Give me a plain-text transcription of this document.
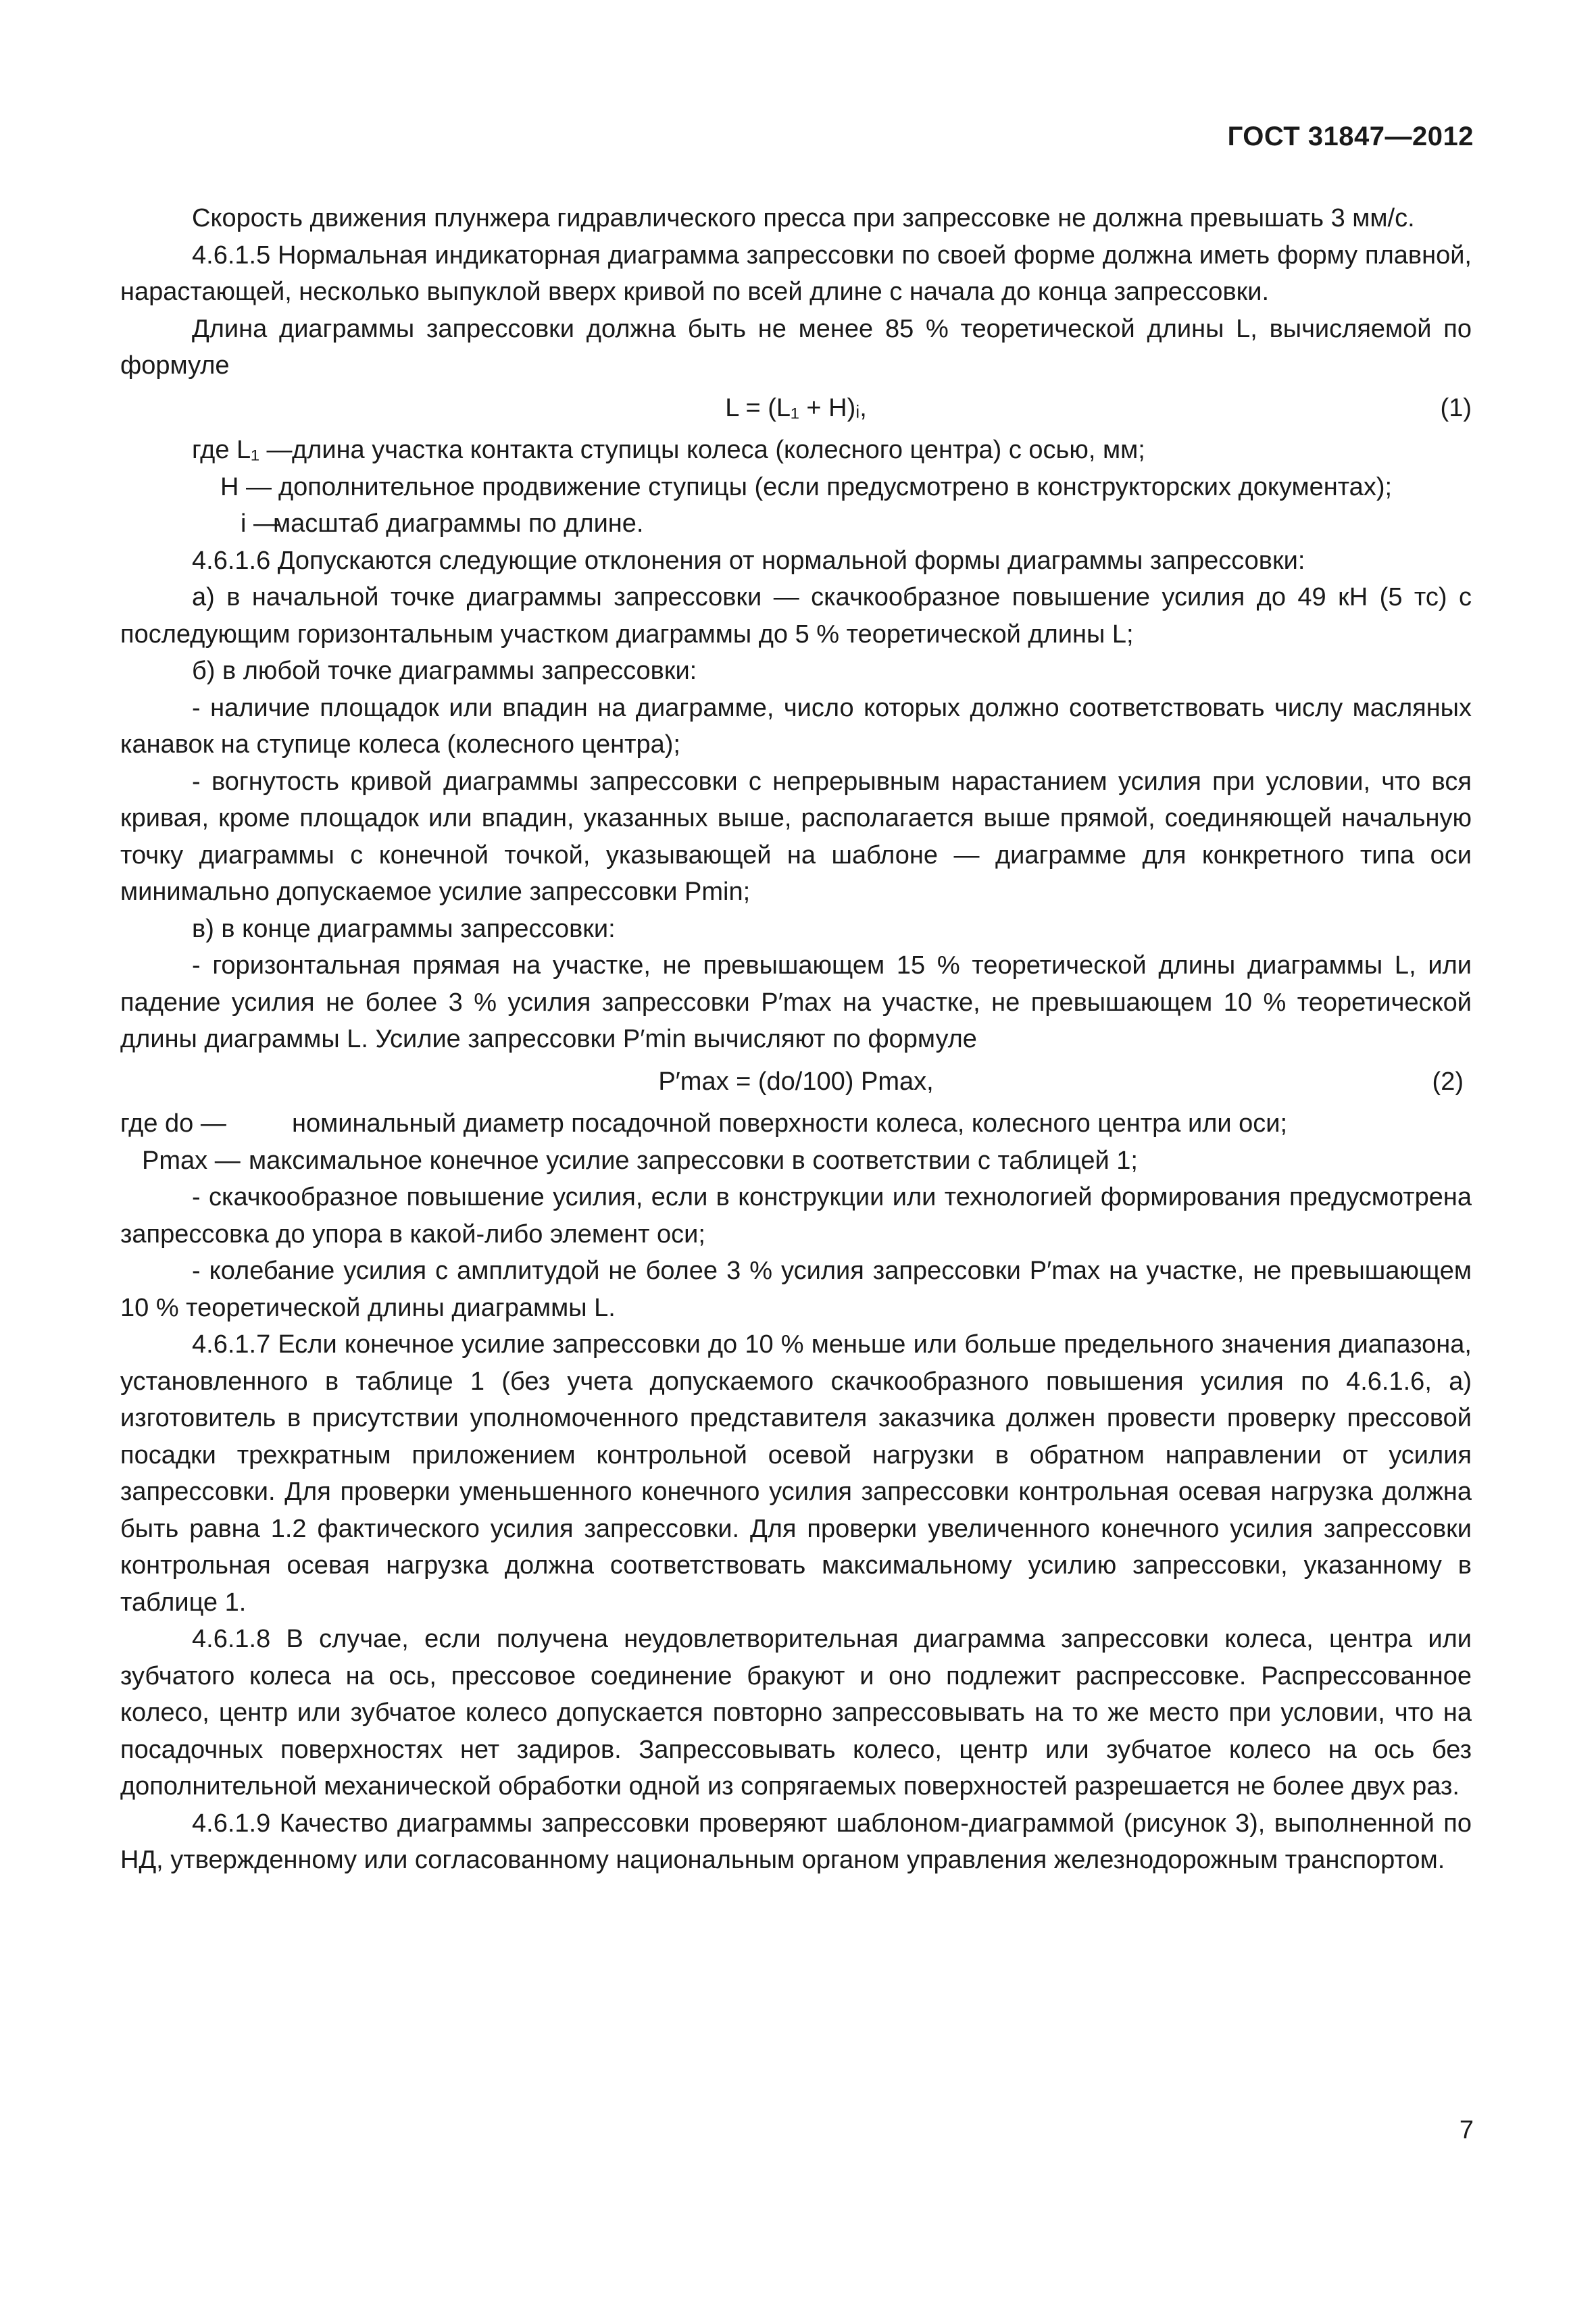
ГОСТ 31847—2012

Скорость движения плунжера гидравлического пресса при запрессовке не должна превышать 3 мм/с.

4.6.1.5 Нормальная индикаторная диаграмма запрессовки по своей форме должна иметь форму плавной, нарастающей, несколько выпуклой вверх кривой по всей длине с начала до конца запрессовки.

Длина диаграммы запрессовки должна быть не менее 85 % теоретической длины L, вычисляемой по формуле

L = (L₁ + H)ᵢ,	(1)
где L₁ — длина участка контакта ступицы колеса (колесного центра) с осью, мм;
H — дополнительное продвижение ступицы (если предусмотрено в конструкторских документах);
i —
масштаб диаграммы по длине.

4.6.1.6 Допускаются следующие отклонения от нормальной формы диаграммы запрессовки:

а) в начальной точке диаграммы запрессовки — скачкообразное повышение усилия до 49 кН (5 тс) с последующим горизонтальным участком диаграммы до 5 % теоретической длины L;

б) в любой точке диаграммы запрессовки:

- наличие площадок или впадин на диаграмме, число которых должно соответствовать числу масляных канавок на ступице колеса (колесного центра);

- вогнутость кривой диаграммы запрессовки с непрерывным нарастанием усилия при условии, что вся кривая, кроме площадок или впадин, указанных выше, располагается выше прямой, соединяющей начальную точку диаграммы с конечной точкой, указывающей на шаблоне — диаграмме для конкретного типа оси минимально допускаемое усилие запрессовки Pmin;

в) в конце диаграммы запрессовки:

- горизонтальная прямая на участке, не превышающем 15 % теоретической длины диаграммы L, или падение усилия не более 3 % усилия запрессовки P′max на участке, не превышающем 10 % теоретической длины диаграммы L. Усилие запрессовки P′min вычисляют по формуле

P′max = (do/100) Pmax,	(2)
где do —	номинальный диаметр посадочной поверхности колеса, колесного центра или оси;
Pmax — максимальное конечное усилие запрессовки в соответствии с таблицей 1;

- скачкообразное повышение усилия, если в конструкции или технологией формирования предусмотрена запрессовка до упора в какой-либо элемент оси;

- колебание усилия с амплитудой не более 3 % усилия запрессовки P′max на участке, не превышающем 10 % теоретической длины диаграммы L.

4.6.1.7 Если конечное усилие запрессовки до 10 % меньше или больше предельного значения диапазона, установленного в таблице 1 (без учета допускаемого скачкообразного повышения усилия по 4.6.1.6, а) изготовитель в присутствии уполномоченного представителя заказчика должен провести проверку прессовой посадки трехкратным приложением контрольной осевой нагрузки в обратном направлении от усилия запрессовки. Для проверки уменьшенного конечного усилия запрессовки контрольная осевая нагрузка должна быть равна 1.2 фактического усилия запрессовки. Для проверки увеличенного конечного усилия запрессовки контрольная осевая нагрузка должна соответствовать максимальному усилию запрессовки, указанному в таблице 1.

4.6.1.8 В случае, если получена неудовлетворительная диаграмма запрессовки колеса, центра или зубчатого колеса на ось, прессовое соединение бракуют и оно подлежит распрессовке. Распрессованное колесо, центр или зубчатое колесо допускается повторно запрессовывать на то же место при условии, что на посадочных поверхностях нет задиров. Запрессовывать колесо, центр или зубчатое колесо на ось без дополнительной механической обработки одной из сопрягаемых поверхностей разрешается не более двух раз.

4.6.1.9 Качество диаграммы запрессовки проверяют шаблоном-диаграммой (рисунок 3), выполненной по НД, утвержденному или согласованному национальным органом управления железнодорожным транспортом.

7
